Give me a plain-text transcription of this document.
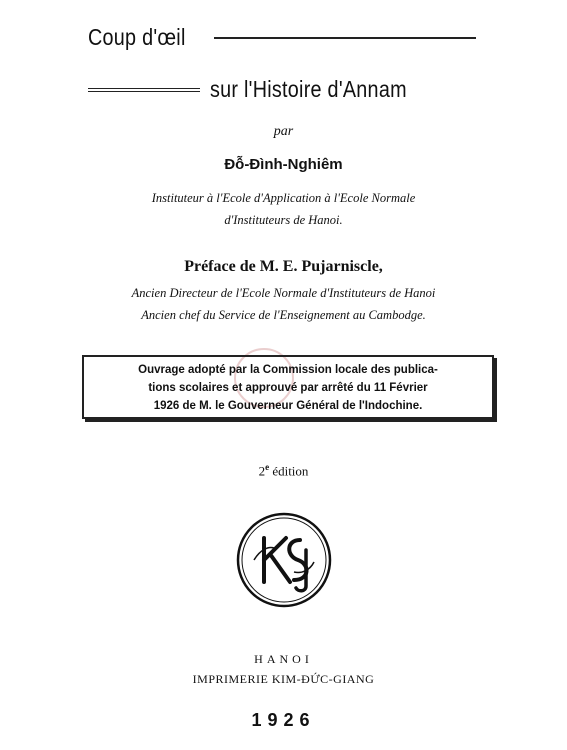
Coup d'œil
sur l'Histoire d'Annam
par
Đỗ-Đình-Nghiêm
Instituteur à l'Ecole d'Application à l'Ecole Normale
d'Instituteurs de Hanoi.
Préface de M. E. Pujarniscle,
Ancien Directeur de l'Ecole Normale d'Instituteurs de Hanoi
Ancien chef du Service de l'Enseignement au Cambodge.
Ouvrage adopté par la Commission locale des publica-
tions scolaires et approuvé par arrêté du 11 Février
1926 de M. le Gouverneur Général de l'Indochine.
2e édition
HANOI
IMPRIMERIE KIM-ĐỨC-GIANG
1926
